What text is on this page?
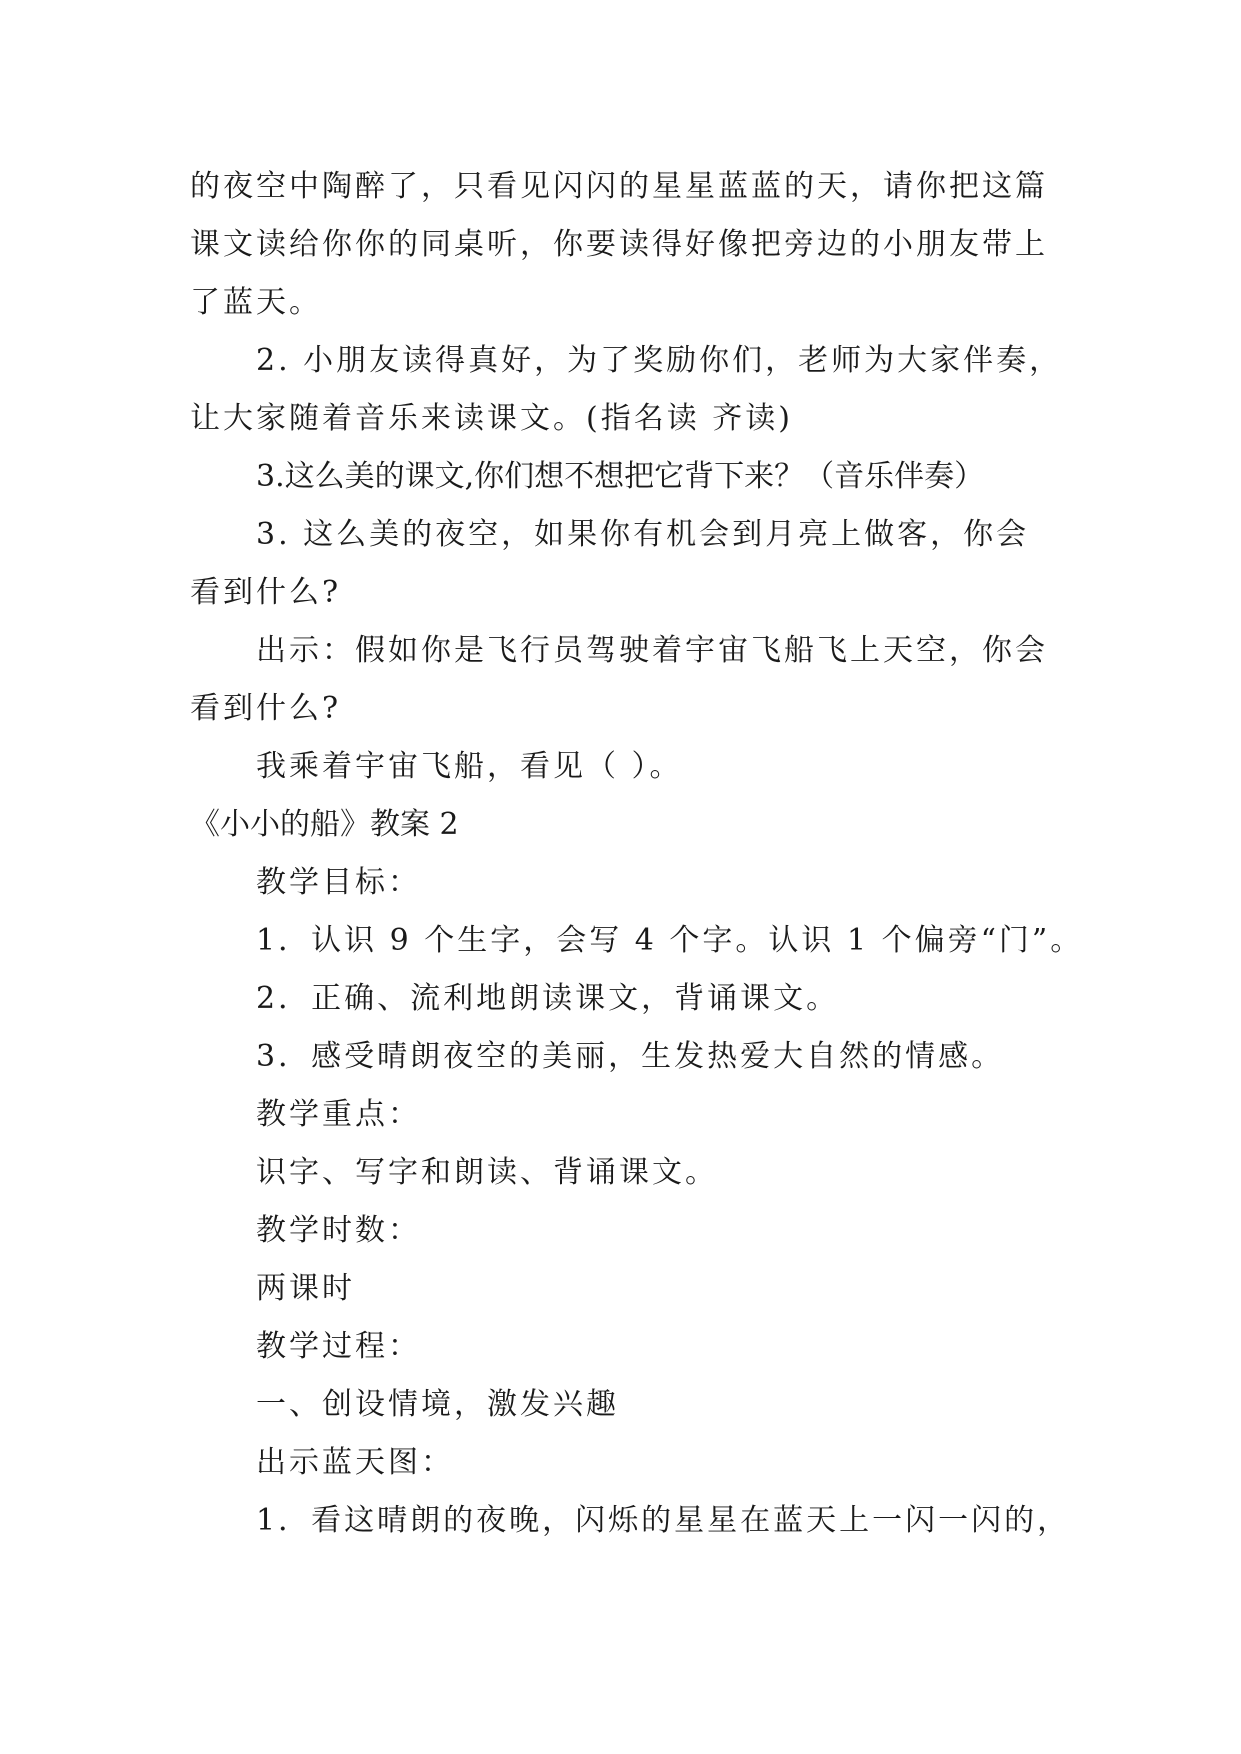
的夜空中陶醉了，只看见闪闪的星星蓝蓝的天，请你把这篇
课文读给你你的同桌听，你要读得好像把旁边的小朋友带上
了蓝天。
2. 小朋友读得真好，为了奖励你们，老师为大家伴奏，
让大家随着音乐来读课文。(指名读 齐读)
3.这么美的课文,你们想不想把它背下来？（音乐伴奏）
3. 这么美的夜空，如果你有机会到月亮上做客，你会
看到什么?
出示：假如你是飞行员驾驶着宇宙飞船飞上天空，你会
看到什么?
我乘着宇宙飞船，看见（ ）。
《小小的船》教案 2
教学目标：
1．认识 9 个生字，会写 4 个字。认识 1 个偏旁“门”。
2．正确、流利地朗读课文，背诵课文。
3．感受晴朗夜空的美丽，生发热爱大自然的情感。
教学重点：
识字、写字和朗读、背诵课文。
教学时数：
两课时
教学过程：
一、创设情境，激发兴趣
出示蓝天图：
1．看这晴朗的夜晚，闪烁的星星在蓝天上一闪一闪的，
